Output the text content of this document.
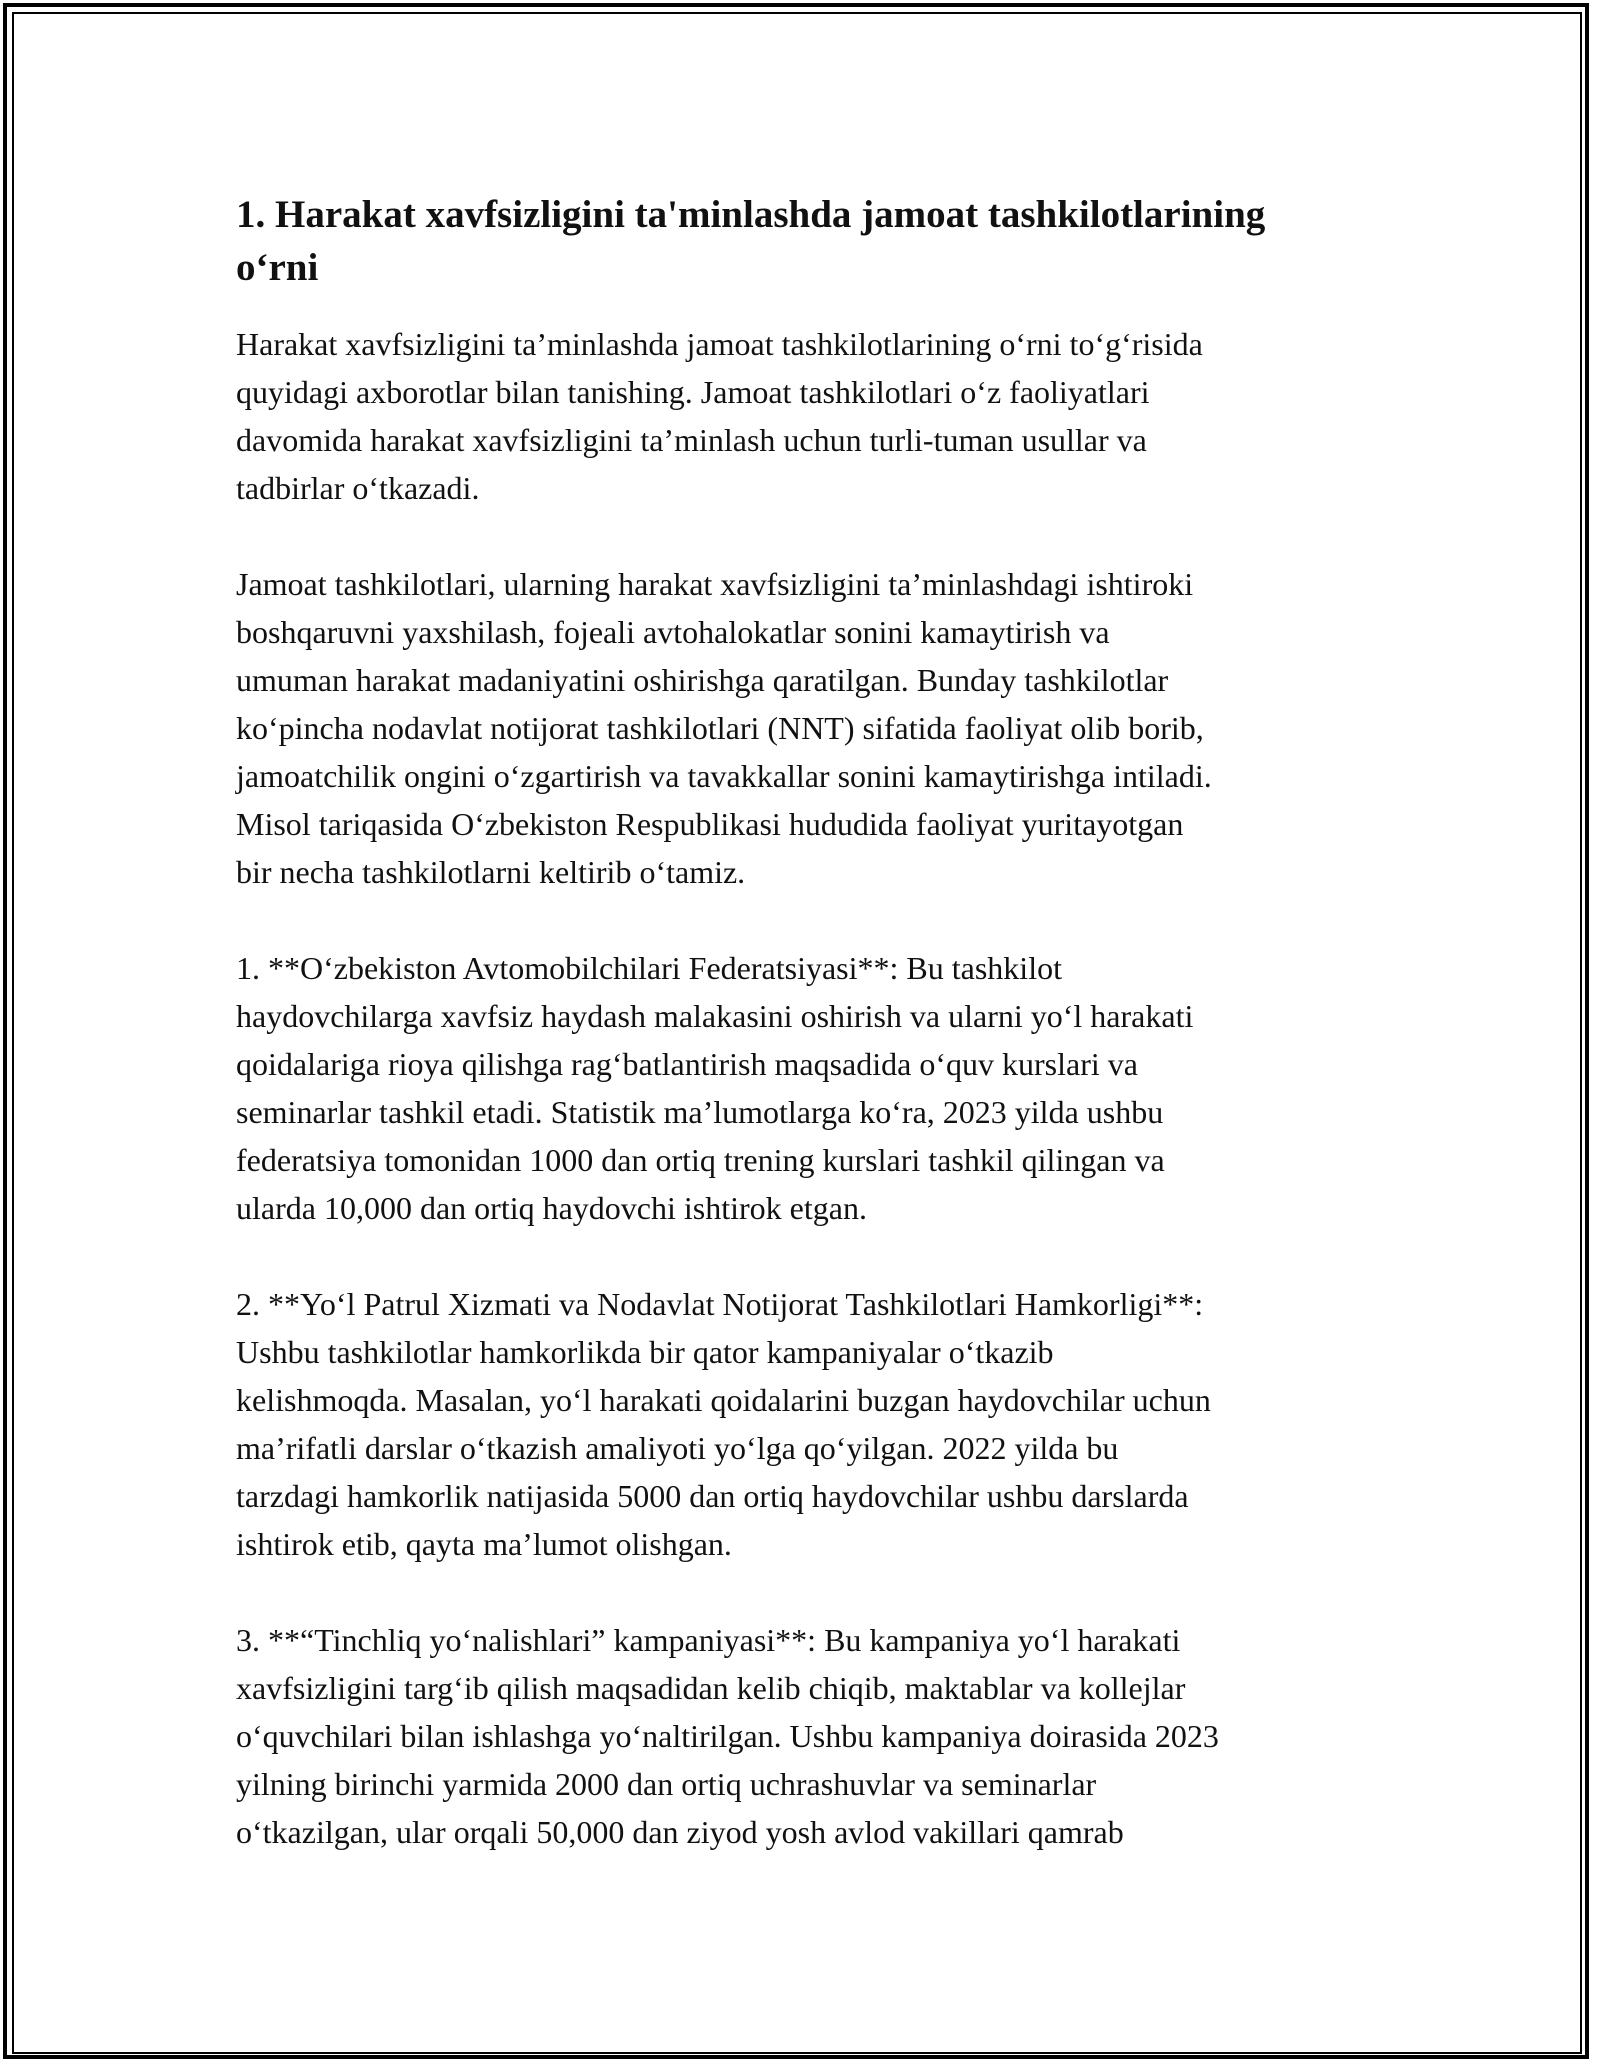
1. Harakat xavfsizligini ta'minlashda jamoat tashkilotlarining
o‘rni

Harakat xavfsizligini ta’minlashda jamoat tashkilotlarining o‘rni to‘g‘risida
quyidagi axborotlar bilan tanishing. Jamoat tashkilotlari o‘z faoliyatlari
davomida harakat xavfsizligini ta’minlash uchun turli-tuman usullar va
tadbirlar o‘tkazadi.

Jamoat tashkilotlari, ularning harakat xavfsizligini ta’minlashdagi ishtiroki
boshqaruvni yaxshilash, fojeali avtohalokatlar sonini kamaytirish va
umuman harakat madaniyatini oshirishga qaratilgan. Bunday tashkilotlar
ko‘pincha nodavlat notijorat tashkilotlari (NNT) sifatida faoliyat olib borib,
jamoatchilik ongini o‘zgartirish va tavakkallar sonini kamaytirishga intiladi.
Misol tariqasida O‘zbekiston Respublikasi hududida faoliyat yuritayotgan
bir necha tashkilotlarni keltirib o‘tamiz.

1. **O‘zbekiston Avtomobilchilari Federatsiyasi**: Bu tashkilot
haydovchilarga xavfsiz haydash malakasini oshirish va ularni yo‘l harakati
qoidalariga rioya qilishga rag‘batlantirish maqsadida o‘quv kurslari va
seminarlar tashkil etadi. Statistik ma’lumotlarga ko‘ra, 2023 yilda ushbu
federatsiya tomonidan 1000 dan ortiq trening kurslari tashkil qilingan va
ularda 10,000 dan ortiq haydovchi ishtirok etgan.

2. **Yo‘l Patrul Xizmati va Nodavlat Notijorat Tashkilotlari Hamkorligi**:
Ushbu tashkilotlar hamkorlikda bir qator kampaniyalar o‘tkazib
kelishmoqda. Masalan, yo‘l harakati qoidalarini buzgan haydovchilar uchun
ma’rifatli darslar o‘tkazish amaliyoti yo‘lga qo‘yilgan. 2022 yilda bu
tarzdagi hamkorlik natijasida 5000 dan ortiq haydovchilar ushbu darslarda
ishtirok etib, qayta ma’lumot olishgan.

3. **“Tinchliq yo‘nalishlari” kampaniyasi**: Bu kampaniya yo‘l harakati
xavfsizligini targ‘ib qilish maqsadidan kelib chiqib, maktablar va kollejlar
o‘quvchilari bilan ishlashga yo‘naltirilgan. Ushbu kampaniya doirasida 2023
yilning birinchi yarmida 2000 dan ortiq uchrashuvlar va seminarlar
o‘tkazilgan, ular orqali 50,000 dan ziyod yosh avlod vakillari qamrab
